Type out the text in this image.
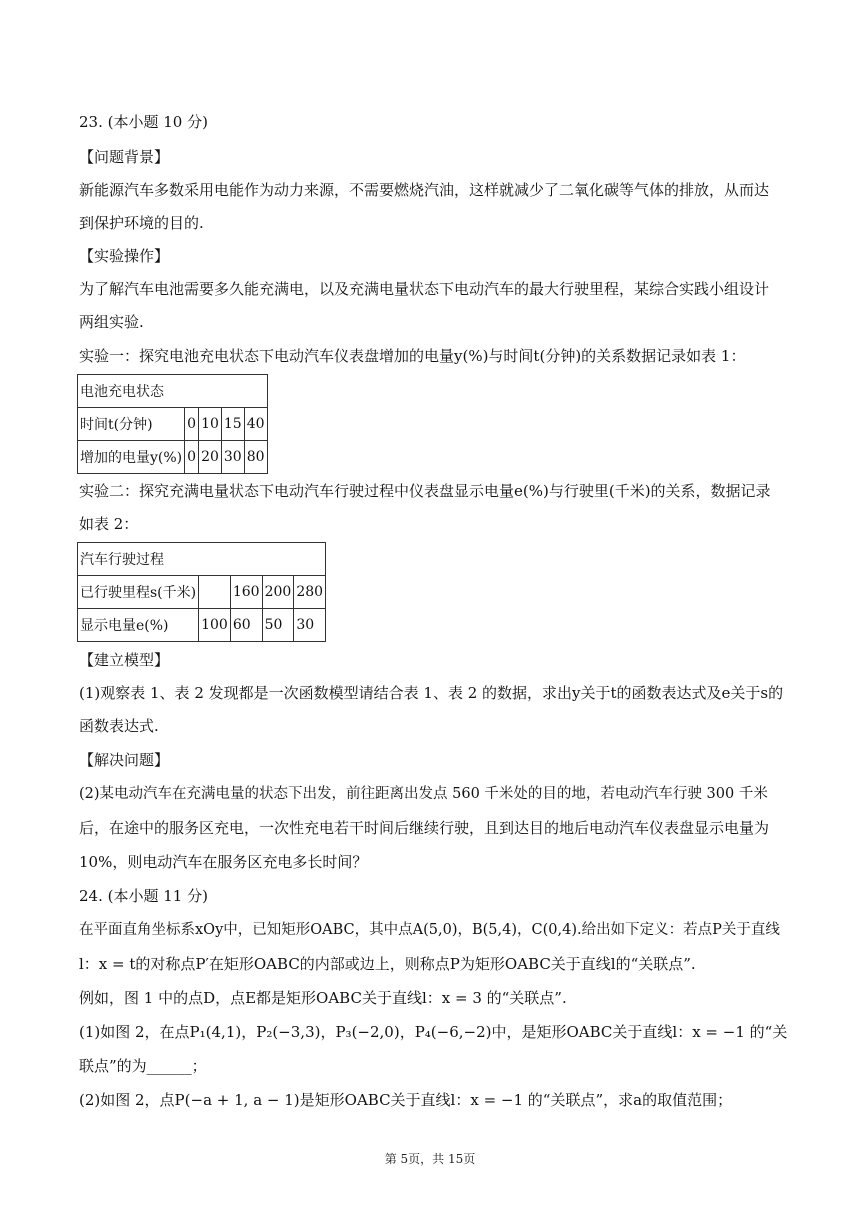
23. (本小题 10 分)
【问题背景】
新能源汽车多数采用电能作为动力来源，不需要燃烧汽油，这样就减少了二氧化碳等气体的排放，从而达
到保护环境的目的.
【实验操作】
为了解汽车电池需要多久能充满电，以及充满电量状态下电动汽车的最大行驶里程，某综合实践小组设计
两组实验.
实验一：探究电池充电状态下电动汽车仪表盘增加的电量y(%)与时间t(分钟)的关系数据记录如表 1：
电池充电状态				
时间t(分钟)	0	10	15	40
增加的电量y(%)	0	20	30	80
实验二：探究充满电量状态下电动汽车行驶过程中仪表盘显示电量e(%)与行驶里(千米)的关系，数据记录
如表 2：
汽车行驶过程				
已行驶里程s(千米)		160	200	280
显示电量e(%)	100	60	50	30
【建立模型】
(1)观察表 1、表 2 发现都是一次函数模型请结合表 1、表 2 的数据，求出y关于t的函数表达式及e关于s的
函数表达式.
【解决问题】
(2)某电动汽车在充满电量的状态下出发，前往距离出发点 560 千米处的目的地，若电动汽车行驶 300 千米
后，在途中的服务区充电，一次性充电若干时间后继续行驶，且到达目的地后电动汽车仪表盘显示电量为
10%，则电动汽车在服务区充电多长时间？
24. (本小题 11 分)
在平面直角坐标系xOy中，已知矩形OABC，其中点A(5,0)，B(5,4)，C(0,4).给出如下定义：若点P关于直线
l：x = t的对称点P′在矩形OABC的内部或边上，则称点P为矩形OABC关于直线l的“关联点”.
例如，图 1 中的点D，点E都是矩形OABC关于直线l：x = 3 的“关联点”.
(1)如图 2，在点P₁(4,1)，P₂(−3,3)，P₃(−2,0)，P₄(−6,−2)中，是矩形OABC关于直线l：x = −1 的“关
联点”的为______；
(2)如图 2，点P(−a + 1, a − 1)是矩形OABC关于直线l：x = −1 的“关联点”，求a的取值范围；
第 5页，共 15页
